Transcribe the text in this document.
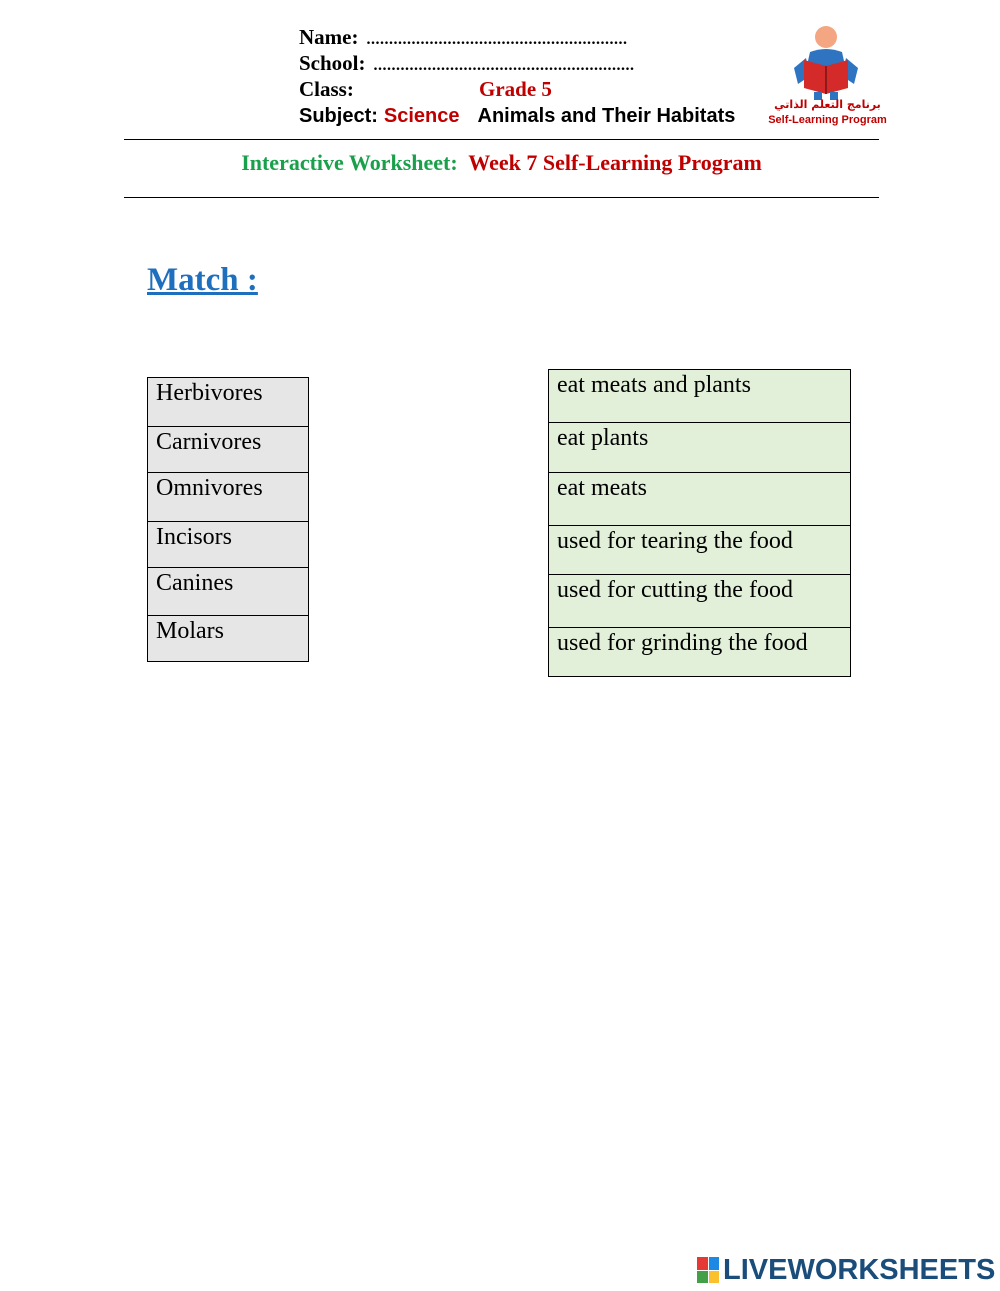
Name: ..........................................................
School: ..........................................................
Class:	Grade 5
Subject: Science Animals and Their Habitats
برنامج التعلم الذاتي
Self-Learning Program
Interactive Worksheet: Week 7 Self-Learning Program
Match :
Herbivores
Carnivores
Omnivores
Incisors
Canines
Molars
eat meats and plants
eat plants
eat meats
used for tearing the food
used for cutting the food
used for grinding the food
LIVEWORKSHEETS
